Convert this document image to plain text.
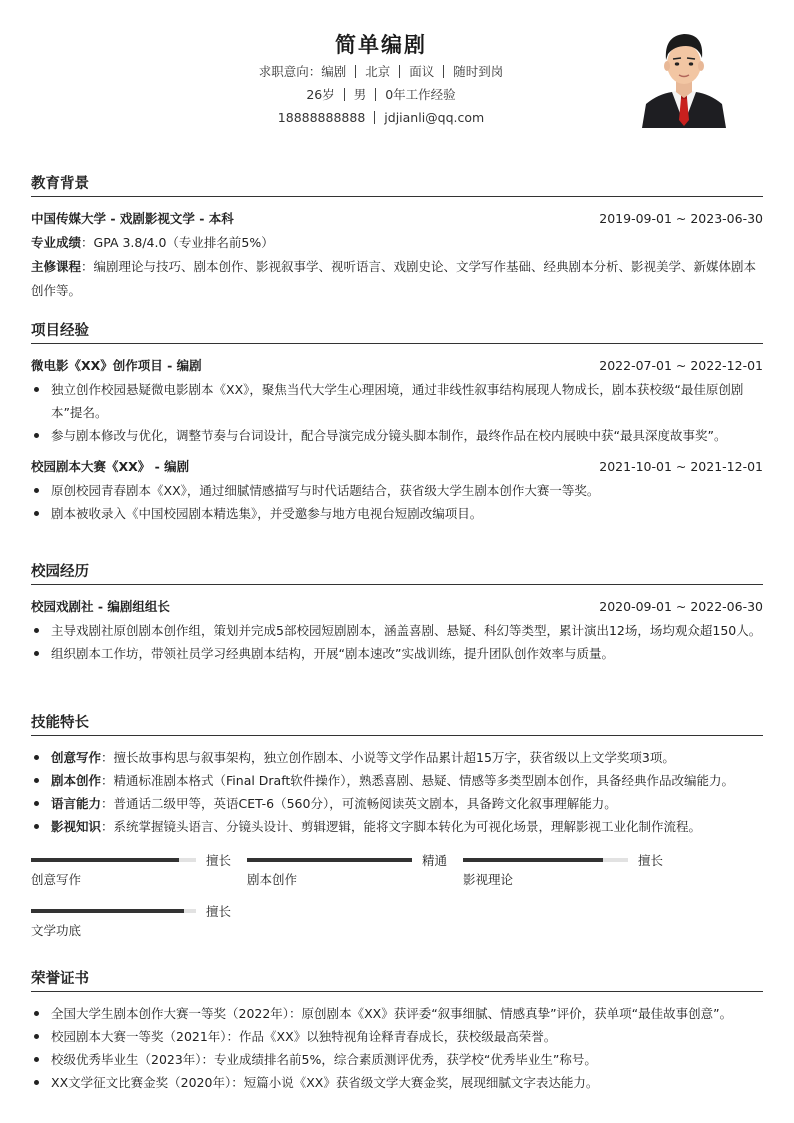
简单编剧
求职意向：编剧 北京 面议 随时到岗
26岁 男 0年工作经验
18888888888 jdjianli@qq.com
教育背景
中国传媒大学 - 戏剧影视文学 - 本科	2019-09-01 ~ 2023-06-30
专业成绩：GPA 3.8/4.0（专业排名前5%）
主修课程：编剧理论与技巧、剧本创作、影视叙事学、视听语言、戏剧史论、文学写作基础、经典剧本分析、影视美学、新媒体剧本创作等。
项目经验
微电影《XX》创作项目 - 编剧	2022-07-01 ~ 2022-12-01
独立创作校园悬疑微电影剧本《XX》，聚焦当代大学生心理困境，通过非线性叙事结构展现人物成长，剧本获校级“最佳原创剧本”提名。
参与剧本修改与优化，调整节奏与台词设计，配合导演完成分镜头脚本制作，最终作品在校内展映中获“最具深度故事奖”。
校园剧本大赛《XX》 - 编剧	2021-10-01 ~ 2021-12-01
原创校园青春剧本《XX》，通过细腻情感描写与时代话题结合，获省级大学生剧本创作大赛一等奖。
剧本被收录入《中国校园剧本精选集》，并受邀参与地方电视台短剧改编项目。
校园经历
校园戏剧社 - 编剧组组长	2020-09-01 ~ 2022-06-30
主导戏剧社原创剧本创作组，策划并完成5部校园短剧剧本，涵盖喜剧、悬疑、科幻等类型，累计演出12场，场均观众超150人。
组织剧本工作坊，带领社员学习经典剧本结构，开展“剧本速改”实战训练，提升团队创作效率与质量。
技能特长
创意写作：擅长故事构思与叙事架构，独立创作剧本、小说等文学作品累计超15万字，获省级以上文学奖项3项。
剧本创作：精通标准剧本格式（Final Draft软件操作），熟悉喜剧、悬疑、情感等多类型剧本创作，具备经典作品改编能力。
语言能力：普通话二级甲等，英语CET-6（560分），可流畅阅读英文剧本，具备跨文化叙事理解能力。
影视知识：系统掌握镜头语言、分镜头设计、剪辑逻辑，能将文字脚本转化为可视化场景，理解影视工业化制作流程。
擅长
创意写作
精通
剧本创作
擅长
影视理论
擅长
文学功底
荣誉证书
全国大学生剧本创作大赛一等奖（2022年）：原创剧本《XX》获评委“叙事细腻、情感真挚”评价，获单项“最佳故事创意”。
校园剧本大赛一等奖（2021年）：作品《XX》以独特视角诠释青春成长，获校级最高荣誉。
校级优秀毕业生（2023年）：专业成绩排名前5%，综合素质测评优秀，获学校“优秀毕业生”称号。
XX文学征文比赛金奖（2020年）：短篇小说《XX》获省级文学大赛金奖，展现细腻文字表达能力。
